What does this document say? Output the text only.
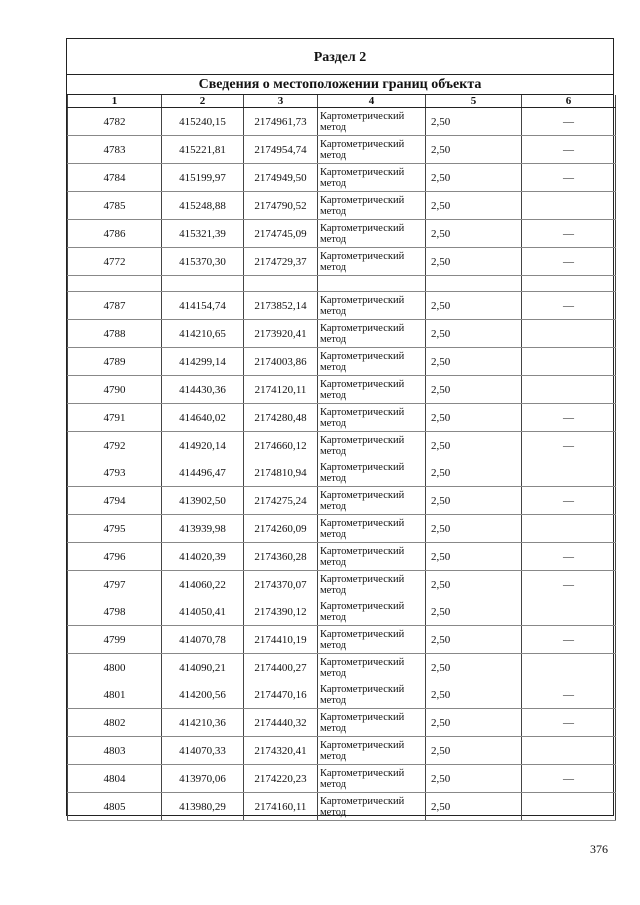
Раздел 2
Сведения о местоположении границ объекта
1	2	3	4	5	6
4782	415240,15	2174961,73	Картометрический метод	2,50	—
4783	415221,81	2174954,74	Картометрический метод	2,50	—
4784	415199,97	2174949,50	Картометрический метод	2,50	—
4785	415248,88	2174790,52	Картометрический метод	2,50	
4786	415321,39	2174745,09	Картометрический метод	2,50	—
4772	415370,30	2174729,37	Картометрический метод	2,50	—

4787	414154,74	2173852,14	Картометрический метод	2,50	—
4788	414210,65	2173920,41	Картометрический метод	2,50	
4789	414299,14	2174003,86	Картометрический метод	2,50	
4790	414430,36	2174120,11	Картометрический метод	2,50	
4791	414640,02	2174280,48	Картометрический метод	2,50	—
4792	414920,14	2174660,12	Картометрический метод	2,50	—
4793	414496,47	2174810,94	Картометрический метод	2,50	
4794	413902,50	2174275,24	Картометрический метод	2,50	—
4795	413939,98	2174260,09	Картометрический метод	2,50	
4796	414020,39	2174360,28	Картометрический метод	2,50	—
4797	414060,22	2174370,07	Картометрический метод	2,50	—
4798	414050,41	2174390,12	Картометрический метод	2,50	
4799	414070,78	2174410,19	Картометрический метод	2,50	—
4800	414090,21	2174400,27	Картометрический метод	2,50	
4801	414200,56	2174470,16	Картометрический метод	2,50	—
4802	414210,36	2174440,32	Картометрический метод	2,50	—
4803	414070,33	2174320,41	Картометрический метод	2,50	
4804	413970,06	2174220,23	Картометрический метод	2,50	—
4805	413980,29	2174160,11	Картометрический метод	2,50	
376
